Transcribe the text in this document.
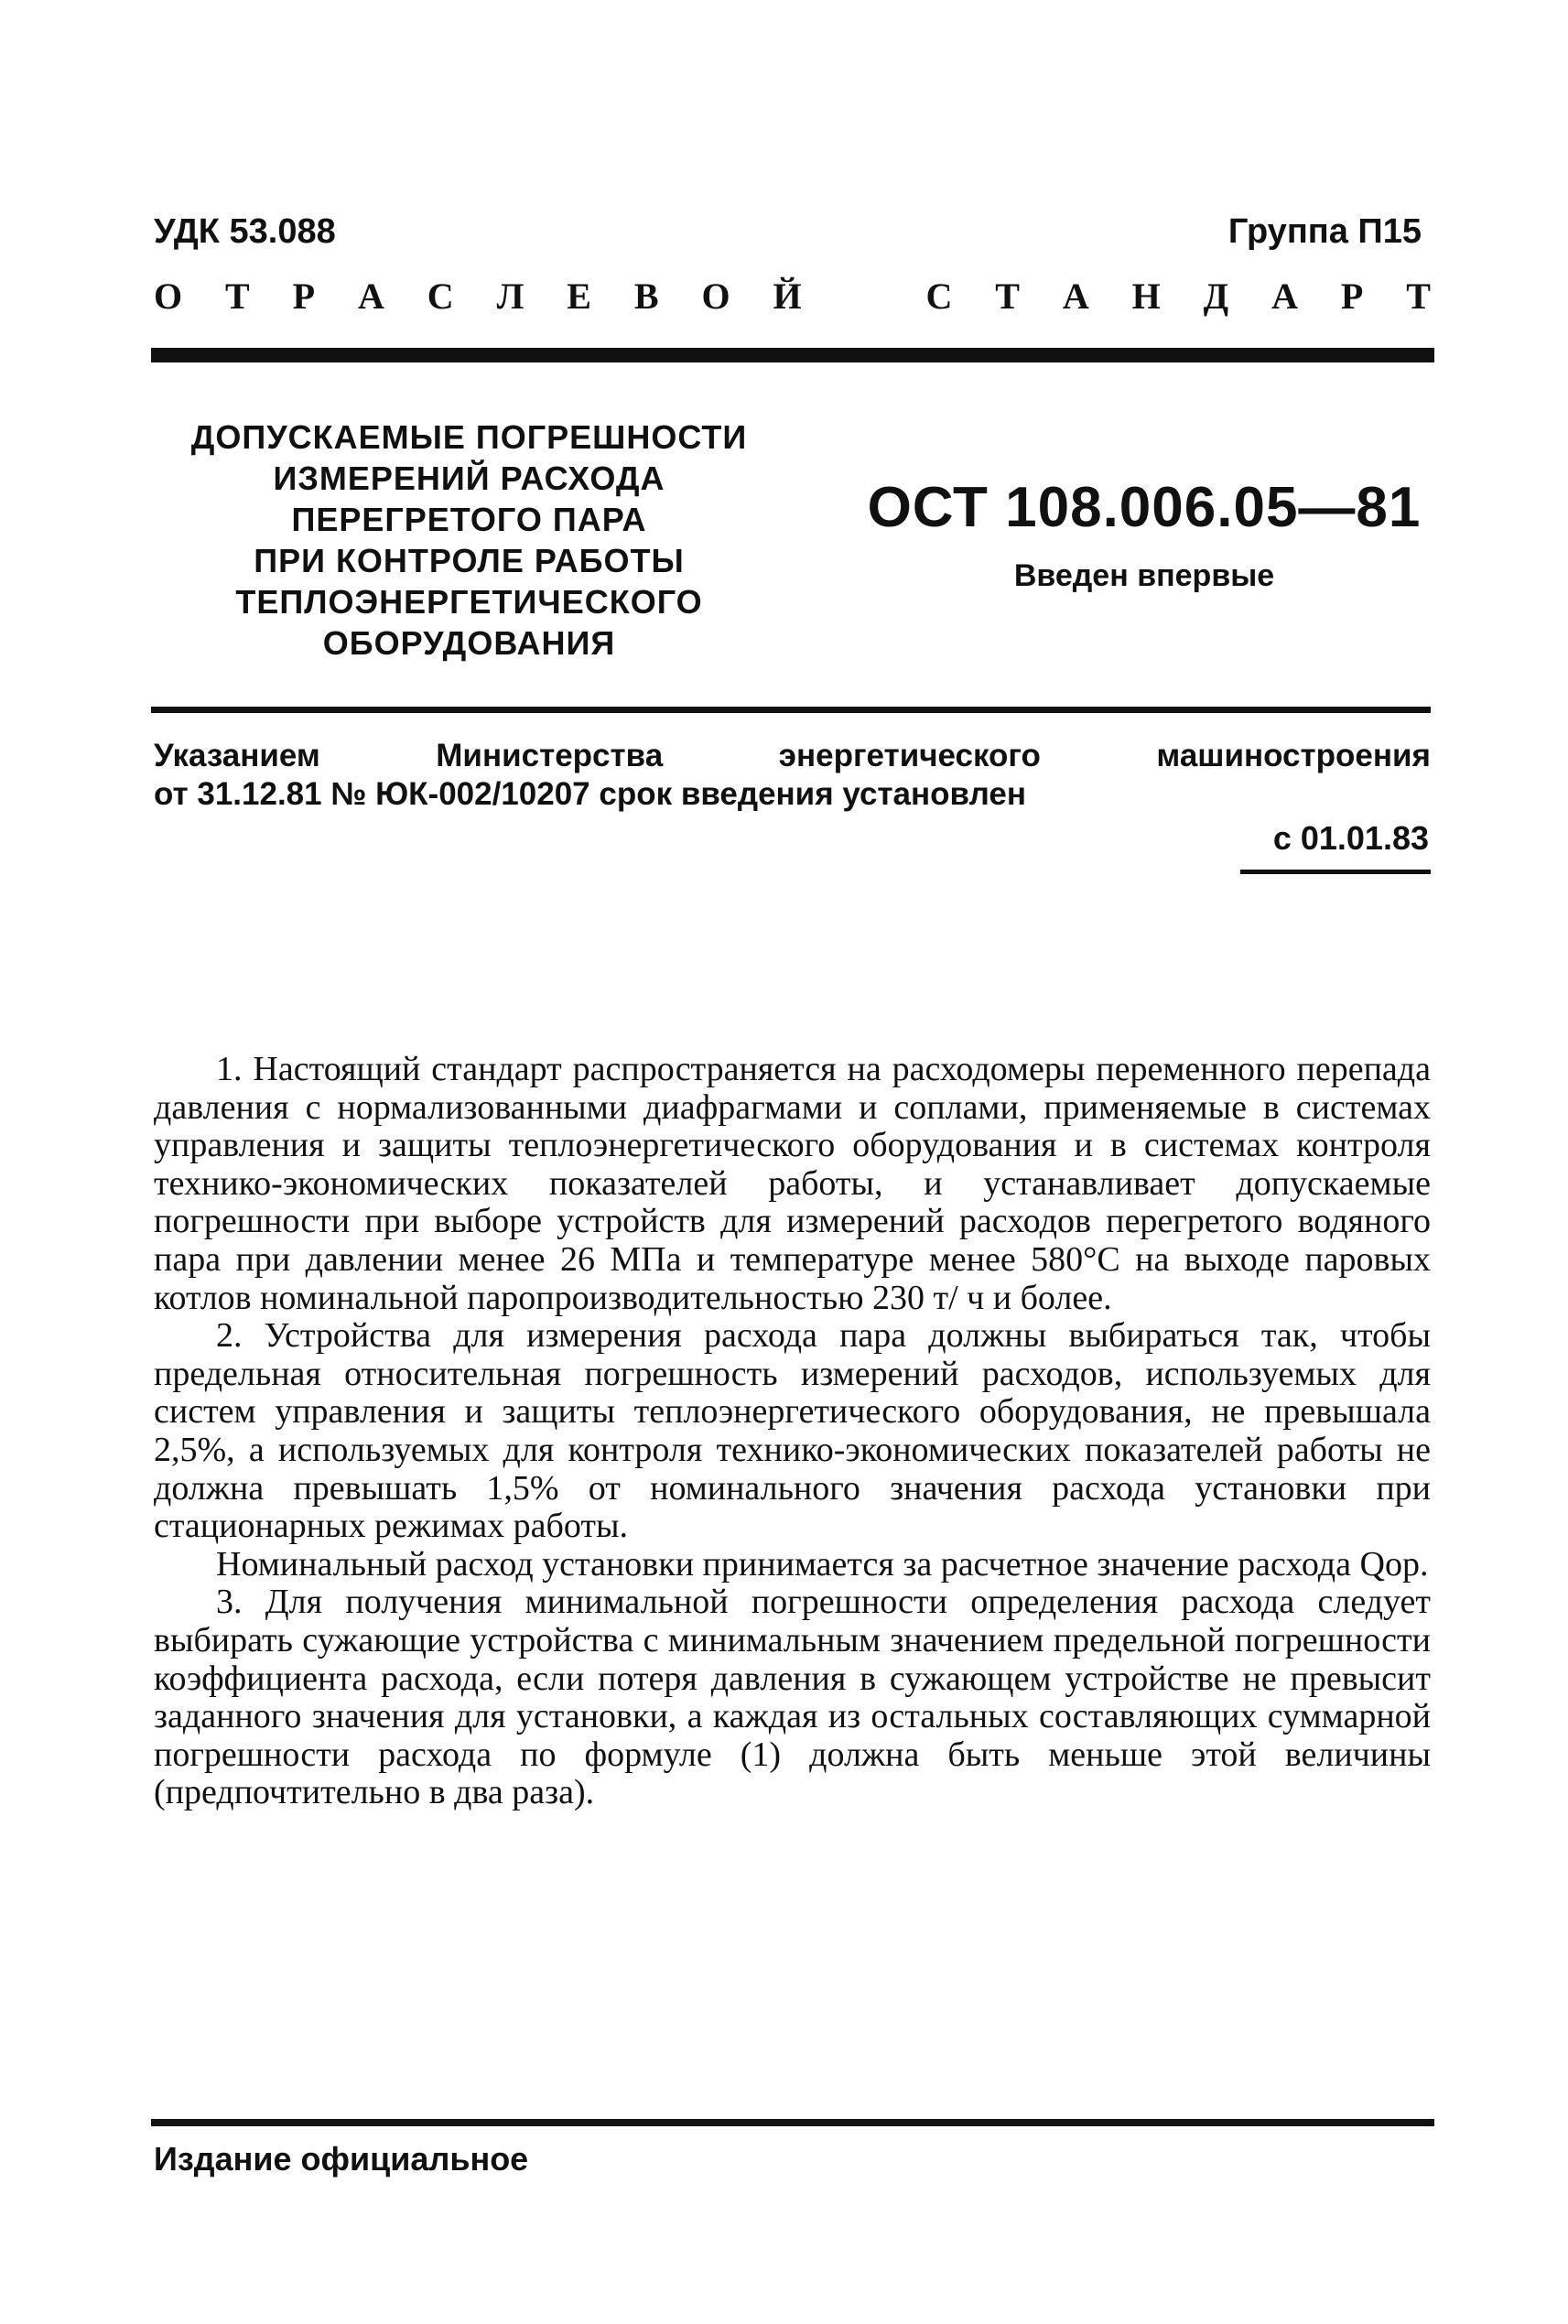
УДК 53.088	Группа П15
О Т Р А С Л Е В О Й	С Т А Н Д А Р Т
ДОПУСКАЕМЫЕ ПОГРЕШНОСТИ
ИЗМЕРЕНИЙ РАСХОДА
ПЕРЕГРЕТОГО ПАРА
ПРИ КОНТРОЛЕ РАБОТЫ
ТЕПЛОЭНЕРГЕТИЧЕСКОГО
ОБОРУДОВАНИЯ
ОСТ 108.006.05—81
Введен впервые
Указанием	Министерства	энергетического	машиностроения
от 31.12.81 № ЮК-002/10207 срок введения установлен
с 01.01.83

1. Настоящий стандарт распространяется на расходомеры переменного перепада давления с нормализованными диафрагмами и соплами, применяемые в системах управления и защиты теплоэнергетического оборудования и в системах контроля технико-экономических показателей работы, и устанавливает допускаемые погрешности при выборе устройств для измерений расходов перегретого водяного пара при давлении менее 26 МПа и температуре менее 580°С на выходе паровых котлов номинальной паропроизводительностью 230 т/ ч и более.

2. Устройства для измерения расхода пара должны выбираться так, чтобы предельная относительная погрешность измерений расходов, используемых для систем управления и защиты теплоэнергетического оборудования, не превышала 2,5%, а используемых для контроля технико-экономических показателей работы не должна превышать 1,5% от номинального значения расхода установки при стационарных режимах работы.

Номинальный расход установки принимается за расчетное значение расхода Qор.

3. Для получения минимальной погрешности определения расхода следует выбирать сужающие устройства с минимальным значением предельной погрешности коэффициента расхода, если потеря давления в сужающем устройстве не превысит заданного значения для установки, а каждая из остальных составляющих суммарной погрешности расхода по формуле (1) должна быть меньше этой величины (предпочтительно в два раза).

Издание официальное
